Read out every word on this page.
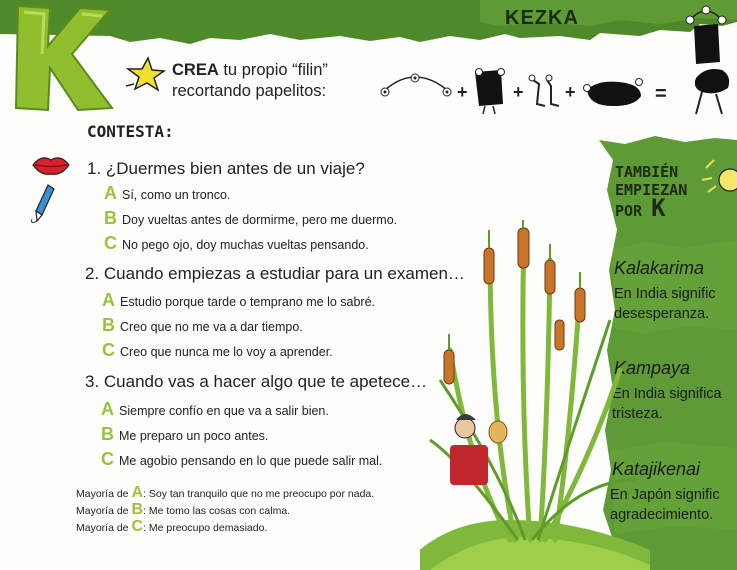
KEZKA
CREA tu propio “filin”
recortando papelitos:	+	+ +	=
CONTESTA:
1. ¿Duermes bien antes de un viaje?
A Sí, como un tronco.
B Doy vueltas antes de dormirme, pero me duermo.
C No pego ojo, doy muchas vueltas pensando.
2. Cuando empiezas a estudiar para un examen…
A Estudio porque tarde o temprano me lo sabré.
B Creo que no me va a dar tiempo.
C Creo que nunca me lo voy a aprender.
3. Cuando vas a hacer algo que te apetece…
A Siempre confío en que va a salir bien.
B Me preparo un poco antes.
C Me agobio pensando en lo que puede salir mal.
Mayoría de A: Soy tan tranquilo que no me preocupo por nada.
Mayoría de B: Me tomo las cosas con calma.
Mayoría de C: Me preocupo demasiado.
TAMBIÉN
EMPIEZAN
POR K
Kalakarima
En India signific
desesperanza.
Kampaya
En India significa
tristeza.
Katajikenai
En Japón signific
agradecimiento.
